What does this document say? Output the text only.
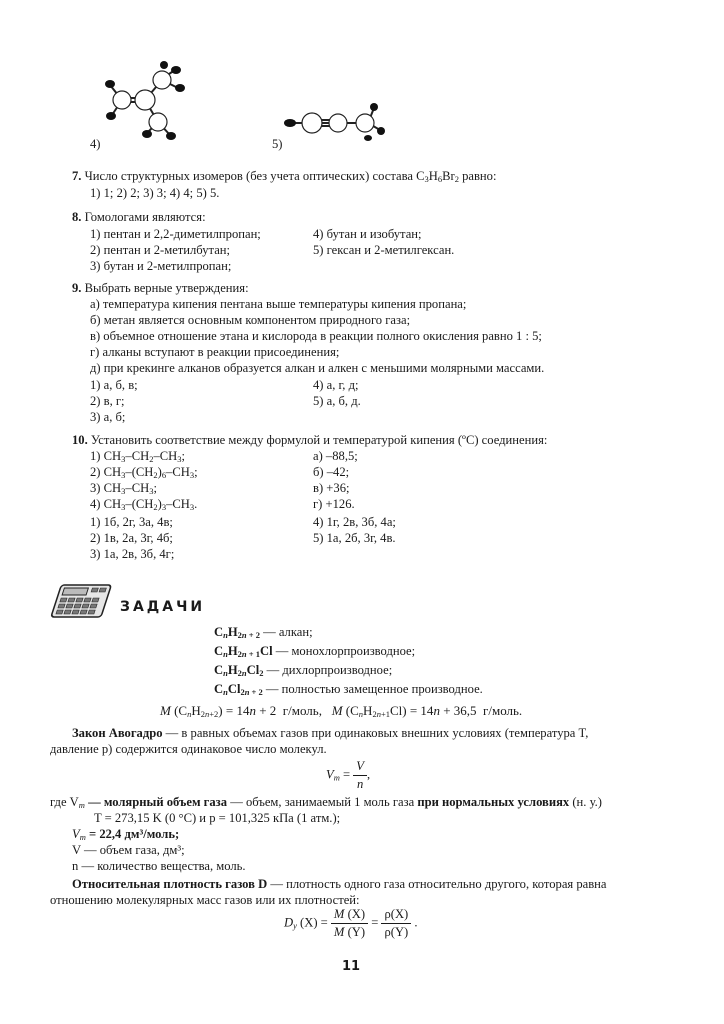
4)	5)
7. Число структурных изомеров (без учета оптических) состава $C_3H_6Br_2$ равно:
1) 1; 2) 2; 3) 3; 4) 4; 5) 5.
8. Гомологами являются:
1) пентан и 2,2-диметилпропан;
2) пентан и 2-метилбутан;
3) бутан и 2-метилпропан;
4) бутан и изобутан;
5) гексан и 2-метилгексан.
9. Выбрать верные утверждения:
а) температура кипения пентана выше температуры кипения пропана;
б) метан является основным компонентом природного газа;
в) объемное отношение этана и кислорода в реакции полного окисления равно 1 : 5;
г) алканы вступают в реакции присоединения;
д) при крекинге алканов образуется алкан и алкен с меньшими молярными массами.
1) а, б, в;
2) в, г;
3) а, б;
4) а, г, д;
5) а, б, д.
10. Установить соответствие между формулой и температурой кипения (ºC) соединения:
1) $CH_3-CH_2-CH_3$;
2) $CH_3-(CH_2)_6-CH_3$;
3) $CH_3-CH_3$;
4) $CH_3-(CH_2)_3-CH_3$.
а) –88,5;
б) –42;
в) +36;
г) +126.
1) 1б, 2г, 3а, 4в;
2) 1в, 2а, 3г, 4б;
3) 1а, 2в, 3б, 4г;
4) 1г, 2в, 3б, 4а;
5) 1а, 2б, 3г, 4в.
ЗАДАЧИ
$C_nH_{2n + 2}$ — алкан;
$C_nH_{2n + 1}Cl$ — монохлорпроизводное;
$C_nH_{2n}Cl_2$ — дихлорпроизводное;
$C_nCl_{2n + 2}$ — полностью замещенное производное.
M $(C_nH_{2n+2}) = 14n + 2$  г/моль,   M $(C_nH_{2n+1}Cl) = 14n + 36,5$  г/моль.
Закон Авогадро — в равных объемах газов при одинаковых внешних условиях (температура T,
давление p) содержится одинаковое число молекул.
$V_m = \frac{V}{n}$ ,
где $V_m$ — молярный объем газа — объем, занимаемый 1 моль газа при нормальных условиях (н. у.)
T = 273,15 K (0 °C) и p = 101,325 кПа (1 атм.);
$V_m = 22,4$ дм³/моль;
V — объем газа, дм³;
n — количество вещества, моль.
Относительная плотность газов D — плотность одного газа относительно другого, которая равна
отношению молекулярных масс газов или их плотностей:
$D_y$ $(X) = \frac{M (X)}{M (Y)} = \frac{\rho(X)}{\rho(Y)}$ .
11
